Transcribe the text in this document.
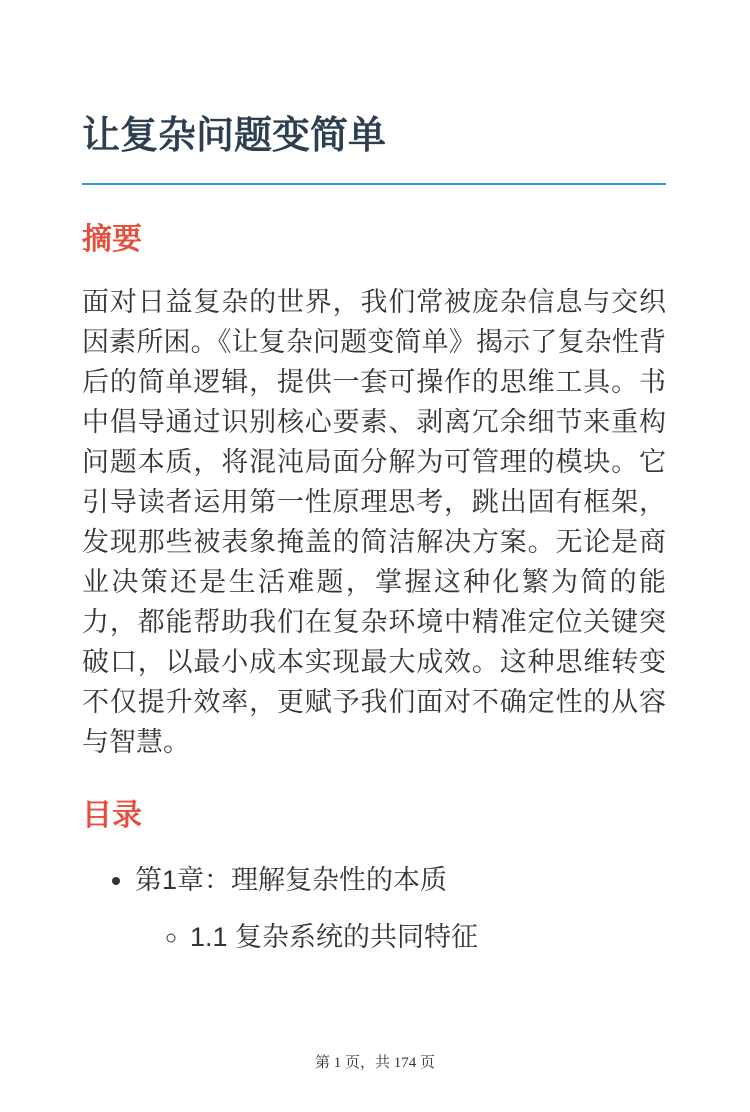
让复杂问题变简单
摘要

面对日益复杂的世界，我们常被庞杂信息与交织因素所困。《让复杂问题变简单》揭示了复杂性背后的简单逻辑，提供一套可操作的思维工具。书中倡导通过识别核心要素、剥离冗余细节来重构问题本质，将混沌局面分解为可管理的模块。它引导读者运用第一性原理思考，跳出固有框架，发现那些被表象掩盖的简洁解决方案。无论是商业决策还是生活难题，掌握这种化繁为简的能力，都能帮助我们在复杂环境中精准定位关键突破口，以最小成本实现最大成效。这种思维转变不仅提升效率，更赋予我们面对不确定性的从容与智慧。

目录
• 第1章：理解复杂性的本质
◦ 1.1 复杂系统的共同特征
第 1 页，共 174 页
